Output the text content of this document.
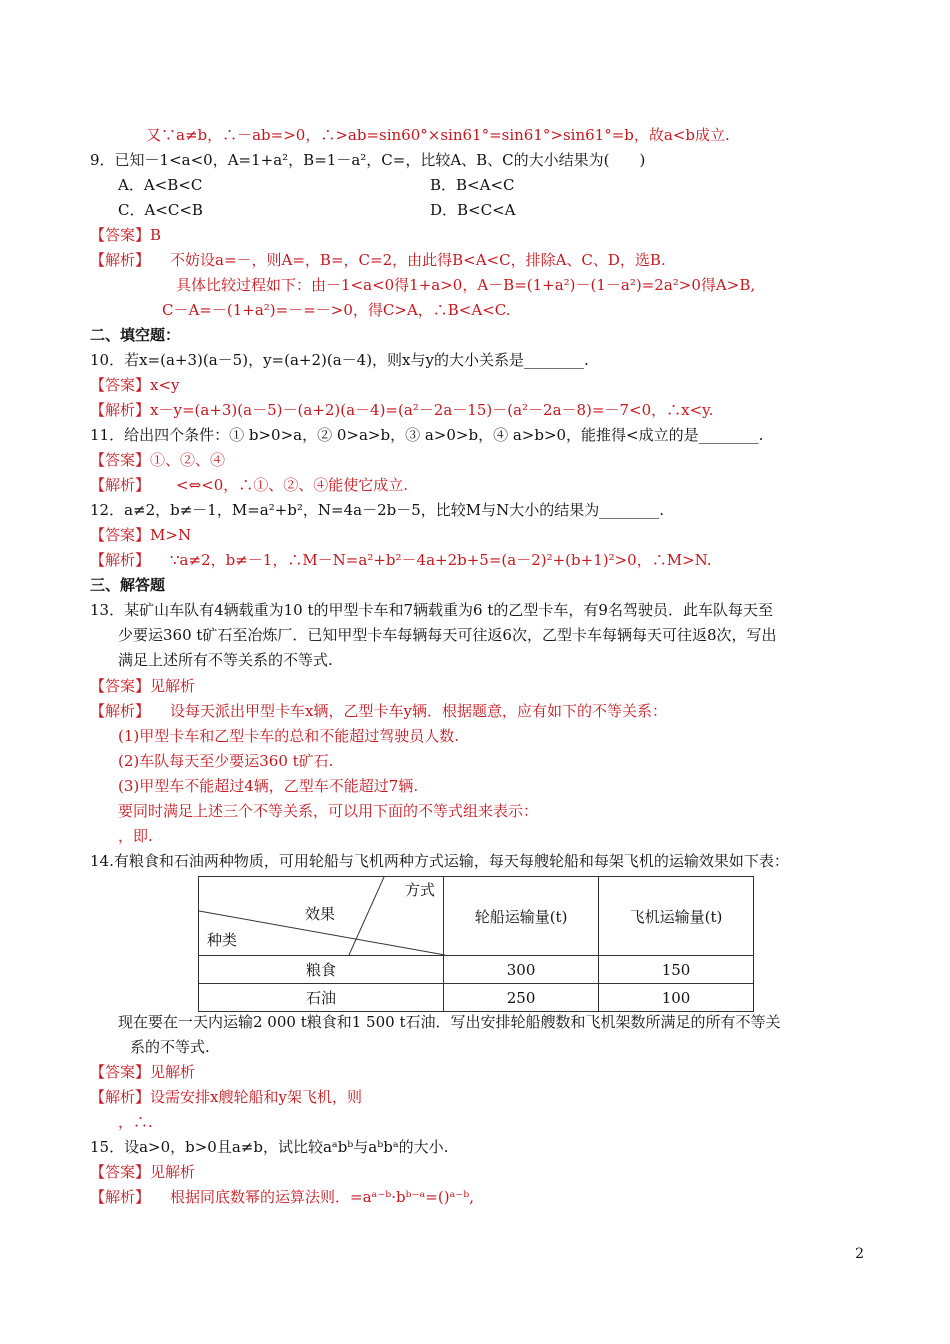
又∵a≠b，∴－ab=>0，∴>ab=sin60°×sin61°=sin61°>sin61°=b，故a<b成立.
9．已知－1<a<0，A=1+a²，B=1－a²，C=，比较A、B、C的大小结果为(　　)
A．A<B<C	B．B<A<C
C．A<C<B	D．B<C<A
【答案】B
【解析】 不妨设a=－，则A=，B=，C=2，由此得B<A<C，排除A、C、D，选B.
具体比较过程如下：由－1<a<0得1+a>0，A－B=(1+a²)－(1－a²)=2a²>0得A>B,
C－A=－(1+a²)=－=－>0，得C>A，∴B<A<C.
二、填空题：
10．若x=(a+3)(a－5)，y=(a+2)(a－4)，则x与y的大小关系是________.
【答案】x<y
【解析】x－y=(a+3)(a－5)－(a+2)(a－4)=(a²－2a－15)－(a²－2a－8)=－7<0，∴x<y.
11．给出四个条件：① b>0>a，② 0>a>b，③ a>0>b，④ a>b>0，能推得<成立的是________.
【答案】①、②、④
【解析】 <⇔<0，∴①、②、④能使它成立.
12．a≠2，b≠－1，M=a²+b²，N=4a－2b－5，比较M与N大小的结果为________.
【答案】M>N
【解析】 ∵a≠2，b≠－1，∴M－N=a²+b²－4a+2b+5=(a－2)²+(b+1)²>0，∴M>N.
三、解答题
13．某矿山车队有4辆载重为10 t的甲型卡车和7辆载重为6 t的乙型卡车，有9名驾驶员．此车队每天至
少要运360 t矿石至冶炼厂．已知甲型卡车每辆每天可往返6次，乙型卡车每辆每天可往返8次，写出
满足上述所有不等关系的不等式.
【答案】见解析
【解析】 设每天派出甲型卡车x辆，乙型卡车y辆．根据题意，应有如下的不等关系：
(1)甲型卡车和乙型卡车的总和不能超过驾驶员人数.
(2)车队每天至少要运360 t矿石.
(3)甲型车不能超过4辆，乙型车不能超过7辆.
要同时满足上述三个不等关系，可以用下面的不等式组来表示：
，即.
14.有粮食和石油两种物质，可用轮船与飞机两种方式运输，每天每艘轮船和每架飞机的运输效果如下表：
方式
效果
种类	轮船运输量(t)	飞机运输量(t)
粮食	300	150
石油	250	100
现在要在一天内运输2 000 t粮食和1 500 t石油．写出安排轮船艘数和飞机架数所满足的所有不等关
系的不等式.
【答案】见解析
【解析】设需安排x艘轮船和y架飞机，则
，∴.
15．设a>0，b>0且a≠b，试比较aᵃbᵇ与aᵇbᵃ的大小.
【答案】见解析
【解析】 根据同底数幂的运算法则．=aᵃ⁻ᵇ·bᵇ⁻ᵃ=()ᵃ⁻ᵇ,
2
